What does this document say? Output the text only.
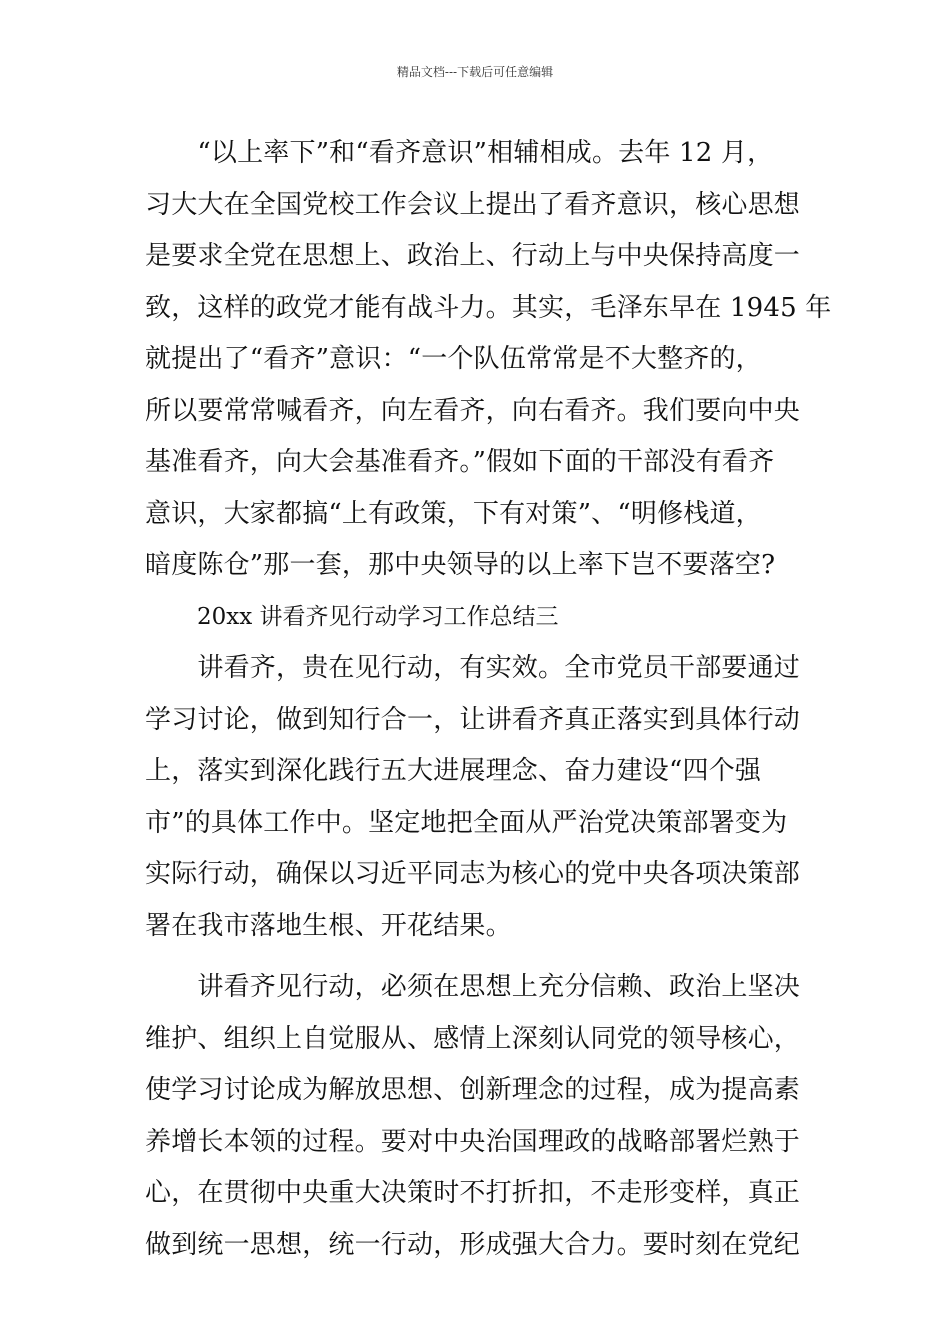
精品文档---下载后可任意编辑
　　“以上率下”和“看齐意识”相辅相成。去年 12 月，
习大大在全国党校工作会议上提出了看齐意识，核心思想
是要求全党在思想上、政治上、行动上与中央保持高度一
致，这样的政党才能有战斗力。其实，毛泽东早在 1945 年
就提出了“看齐”意识：“一个队伍常常是不大整齐的，
所以要常常喊看齐，向左看齐，向右看齐。我们要向中央
基准看齐，向大会基准看齐。”假如下面的干部没有看齐
意识，大家都搞“上有政策，下有对策”、“明修栈道，
暗度陈仓”那一套，那中央领导的以上率下岂不要落空?
20xx 讲看齐见行动学习工作总结三
　　讲看齐，贵在见行动，有实效。全市党员干部要通过
学习讨论，做到知行合一，让讲看齐真正落实到具体行动
上，落实到深化践行五大进展理念、奋力建设“四个强
市”的具体工作中。坚定地把全面从严治党决策部署变为
实际行动，确保以习近平同志为核心的党中央各项决策部
署在我市落地生根、开花结果。
　　讲看齐见行动，必须在思想上充分信赖、政治上坚决
维护、组织上自觉服从、感情上深刻认同党的领导核心，
使学习讨论成为解放思想、创新理念的过程，成为提高素
养增长本领的过程。要对中央治国理政的战略部署烂熟于
心，在贯彻中央重大决策时不打折扣，不走形变样，真正
做到统一思想，统一行动，形成强大合力。要时刻在党纪
